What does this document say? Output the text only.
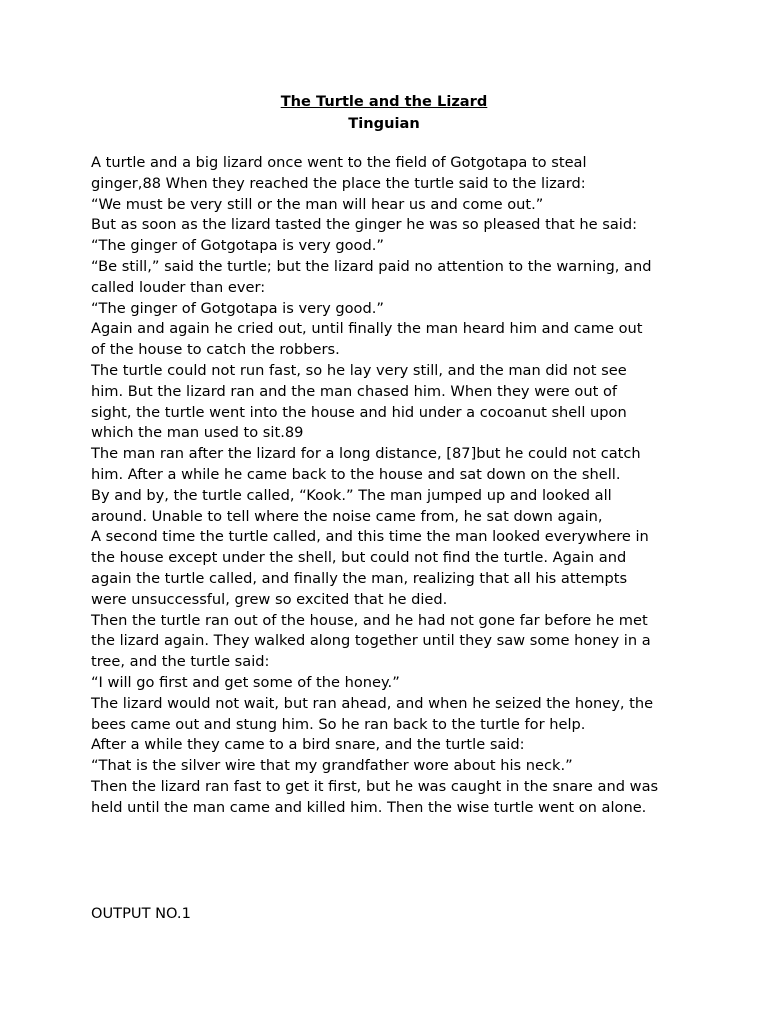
The Turtle and the Lizard
Tinguian
A turtle and a big lizard once went to the field of Gotgotapa to steal
ginger,88 When they reached the place the turtle said to the lizard:
“We must be very still or the man will hear us and come out.”
But as soon as the lizard tasted the ginger he was so pleased that he said:
“The ginger of Gotgotapa is very good.”
“Be still,” said the turtle; but the lizard paid no attention to the warning, and
called louder than ever:
“The ginger of Gotgotapa is very good.”
Again and again he cried out, until finally the man heard him and came out
of the house to catch the robbers.
The turtle could not run fast, so he lay very still, and the man did not see
him. But the lizard ran and the man chased him. When they were out of
sight, the turtle went into the house and hid under a cocoanut shell upon
which the man used to sit.89
The man ran after the lizard for a long distance, [87]but he could not catch
him. After a while he came back to the house and sat down on the shell.
By and by, the turtle called, “Kook.” The man jumped up and looked all
around. Unable to tell where the noise came from, he sat down again,
A second time the turtle called, and this time the man looked everywhere in
the house except under the shell, but could not find the turtle. Again and
again the turtle called, and finally the man, realizing that all his attempts
were unsuccessful, grew so excited that he died.
Then the turtle ran out of the house, and he had not gone far before he met
the lizard again. They walked along together until they saw some honey in a
tree, and the turtle said:
“I will go first and get some of the honey.”
The lizard would not wait, but ran ahead, and when he seized the honey, the
bees came out and stung him. So he ran back to the turtle for help.
After a while they came to a bird snare, and the turtle said:
“That is the silver wire that my grandfather wore about his neck.”
Then the lizard ran fast to get it first, but he was caught in the snare and was
held until the man came and killed him. Then the wise turtle went on alone.
OUTPUT NO.1
